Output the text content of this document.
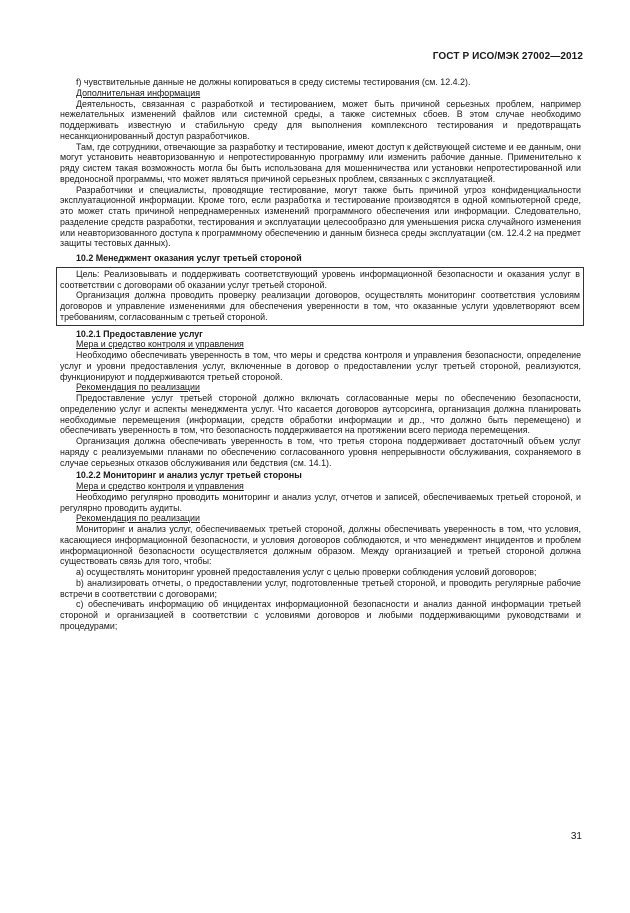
ГОСТ Р ИСО/МЭК 27002—2012

f) чувствительные данные не должны копироваться в среду системы тестирования (см. 12.4.2).

Дополнительная информация

Деятельность, связанная с разработкой и тестированием, может быть причиной серьезных проблем, например нежелательных изменений файлов или системной среды, а также системных сбоев. В этом случае необходимо поддерживать известную и стабильную среду для выполнения комплексного тестирования и предотвращать несанкционированный доступ разработчиков.

Там, где сотрудники, отвечающие за разработку и тестирование, имеют доступ к действующей системе и ее данным, они могут установить неавторизованную и непротестированную программу или изменить рабочие данные. Применительно к ряду систем такая возможность могла бы быть использована для мошенничества или установки непротестированной или вредоносной программы, что может являться причиной серьезных проблем, связанных с эксплуатацией.

Разработчики и специалисты, проводящие тестирование, могут также быть причиной угроз конфиденциальности эксплуатационной информации. Кроме того, если разработка и тестирование производятся в одной компьютерной среде, это может стать причиной непреднамеренных изменений программного обеспечения или информации. Следовательно, разделение средств разработки, тестирования и эксплуатации целесообразно для уменьшения риска случайного изменения или неавторизованного доступа к программному обеспечению и данным бизнеса среды эксплуатации (см. 12.4.2 на предмет защиты тестовых данных).

10.2 Менеджмент оказания услуг третьей стороной

Цель: Реализовывать и поддерживать соответствующий уровень информационной безопасности и оказания услуг в соответствии с договорами об оказании услуг третьей стороной.

Организация должна проводить проверку реализации договоров, осуществлять мониторинг соответствия условиям договоров и управление изменениями для обеспечения уверенности в том, что оказанные услуги удовлетворяют всем требованиям, согласованным с третьей стороной.

10.2.1 Предоставление услуг

Мера и средство контроля и управления

Необходимо обеспечивать уверенность в том, что меры и средства контроля и управления безопасности, определение услуг и уровни предоставления услуг, включенные в договор о предоставлении услуг третьей стороной, реализуются, функционируют и поддерживаются третьей стороной.

Рекомендация по реализации

Предоставление услуг третьей стороной должно включать согласованные меры по обеспечению безопасности, определению услуг и аспекты менеджмента услуг. Что касается договоров аутсорсинга, организация должна планировать необходимые перемещения (информации, средств обработки информации и др., что должно быть перемещено) и обеспечивать уверенность в том, что безопасность поддерживается на протяжении всего периода перемещения.

Организация должна обеспечивать уверенность в том, что третья сторона поддерживает достаточный объем услуг наряду с реализуемыми планами по обеспечению согласованного уровня непрерывности обслуживания, сохраняемого в случае серьезных отказов обслуживания или бедствия (см. 14.1).

10.2.2 Мониторинг и анализ услуг третьей стороны

Мера и средство контроля и управления

Необходимо регулярно проводить мониторинг и анализ услуг, отчетов и записей, обеспечиваемых третьей стороной, и регулярно проводить аудиты.

Рекомендация по реализации

Мониторинг и анализ услуг, обеспечиваемых третьей стороной, должны обеспечивать уверенность в том, что условия, касающиеся информационной безопасности, и условия договоров соблюдаются, и что менеджмент инцидентов и проблем информационной безопасности осуществляется должным образом. Между организацией и третьей стороной должна существовать связь для того, чтобы:

a) осуществлять мониторинг уровней предоставления услуг с целью проверки соблюдения условий договоров;

b) анализировать отчеты, о предоставлении услуг, подготовленные третьей стороной, и проводить регулярные рабочие встречи в соответствии с договорами;

c) обеспечивать информацию об инцидентах информационной безопасности и анализ данной информации третьей стороной и организацией в соответствии с условиями договоров и любыми поддерживающими руководствами и процедурами;

31
